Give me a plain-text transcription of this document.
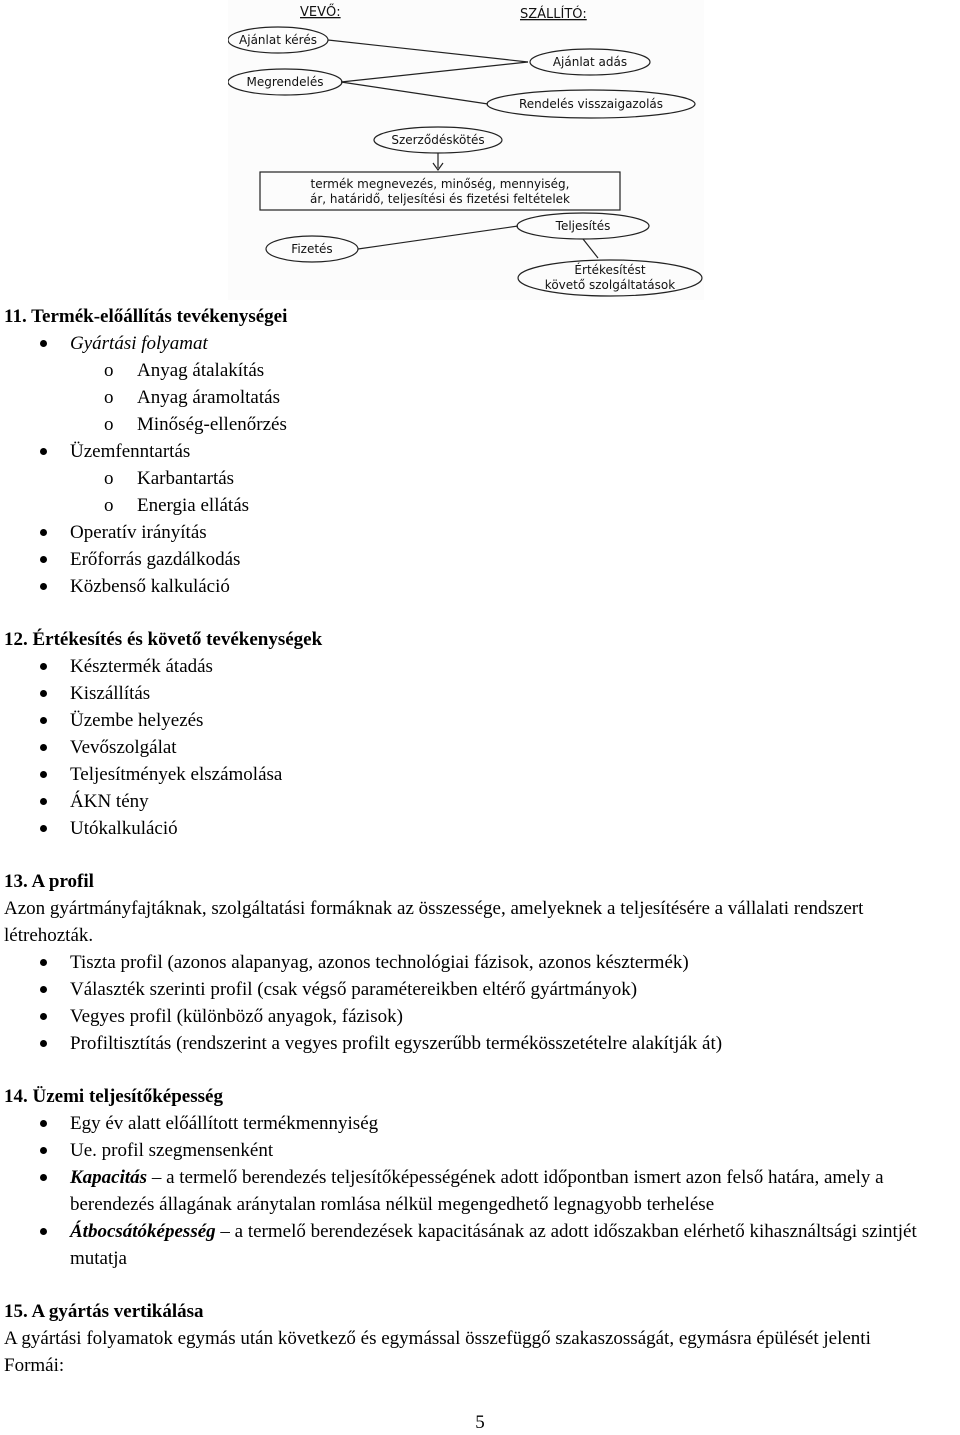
VEVŐ:	SZÁLLÍTÓ:
Ajánlat kérés
Megrendelés
Ajánlat adás
Rendelés visszaigazolás
Szerződéskötés
termék megnevezés, minőség, mennyiség,
ár, határidő, teljesítési és fizetési feltételek
Fizetés
Teljesítés
Értékesítést
követő szolgáltatások
11. Termék-előállítás tevékenységei
Gyártási folyamat
o Anyag átalakítás
o Anyag áramoltatás
o Minőség-ellenőrzés
Üzemfenntartás
o Karbantartás
o Energia ellátás
Operatív irányítás
Erőforrás gazdálkodás
Közbenső kalkuláció
12. Értékesítés és követő tevékenységek
Késztermék átadás
Kiszállítás
Üzembe helyezés
Vevőszolgálat
Teljesítmények elszámolása
ÁKN tény
Utókalkuláció
13. A profil
Azon gyártmányfajtáknak, szolgáltatási formáknak az összessége, amelyeknek a teljesítésére a vállalati rendszert létrehozták.
Tiszta profil (azonos alapanyag, azonos technológiai fázisok, azonos késztermék)
Választék szerinti profil (csak végső paramétereikben eltérő gyártmányok)
Vegyes profil (különböző anyagok, fázisok)
Profiltisztítás (rendszerint a vegyes profilt egyszerűbb termékösszetételre alakítják át)
14. Üzemi teljesítőképesség
Egy év alatt előállított termékmennyiség
Ue. profil szegmensenként
Kapacitás – a termelő berendezés teljesítőképességének adott időpontban ismert azon felső határa, amely a berendezés állagának aránytalan romlása nélkül megengedhető legnagyobb terhelése
Átbocsátóképesség – a termelő berendezések kapacitásának az adott időszakban elérhető kihasználtsági szintjét mutatja
15. A gyártás vertikálása
A gyártási folyamatok egymás után következő és egymással összefüggő szakaszosságát, egymásra épülését jelenti
Formái:
5
